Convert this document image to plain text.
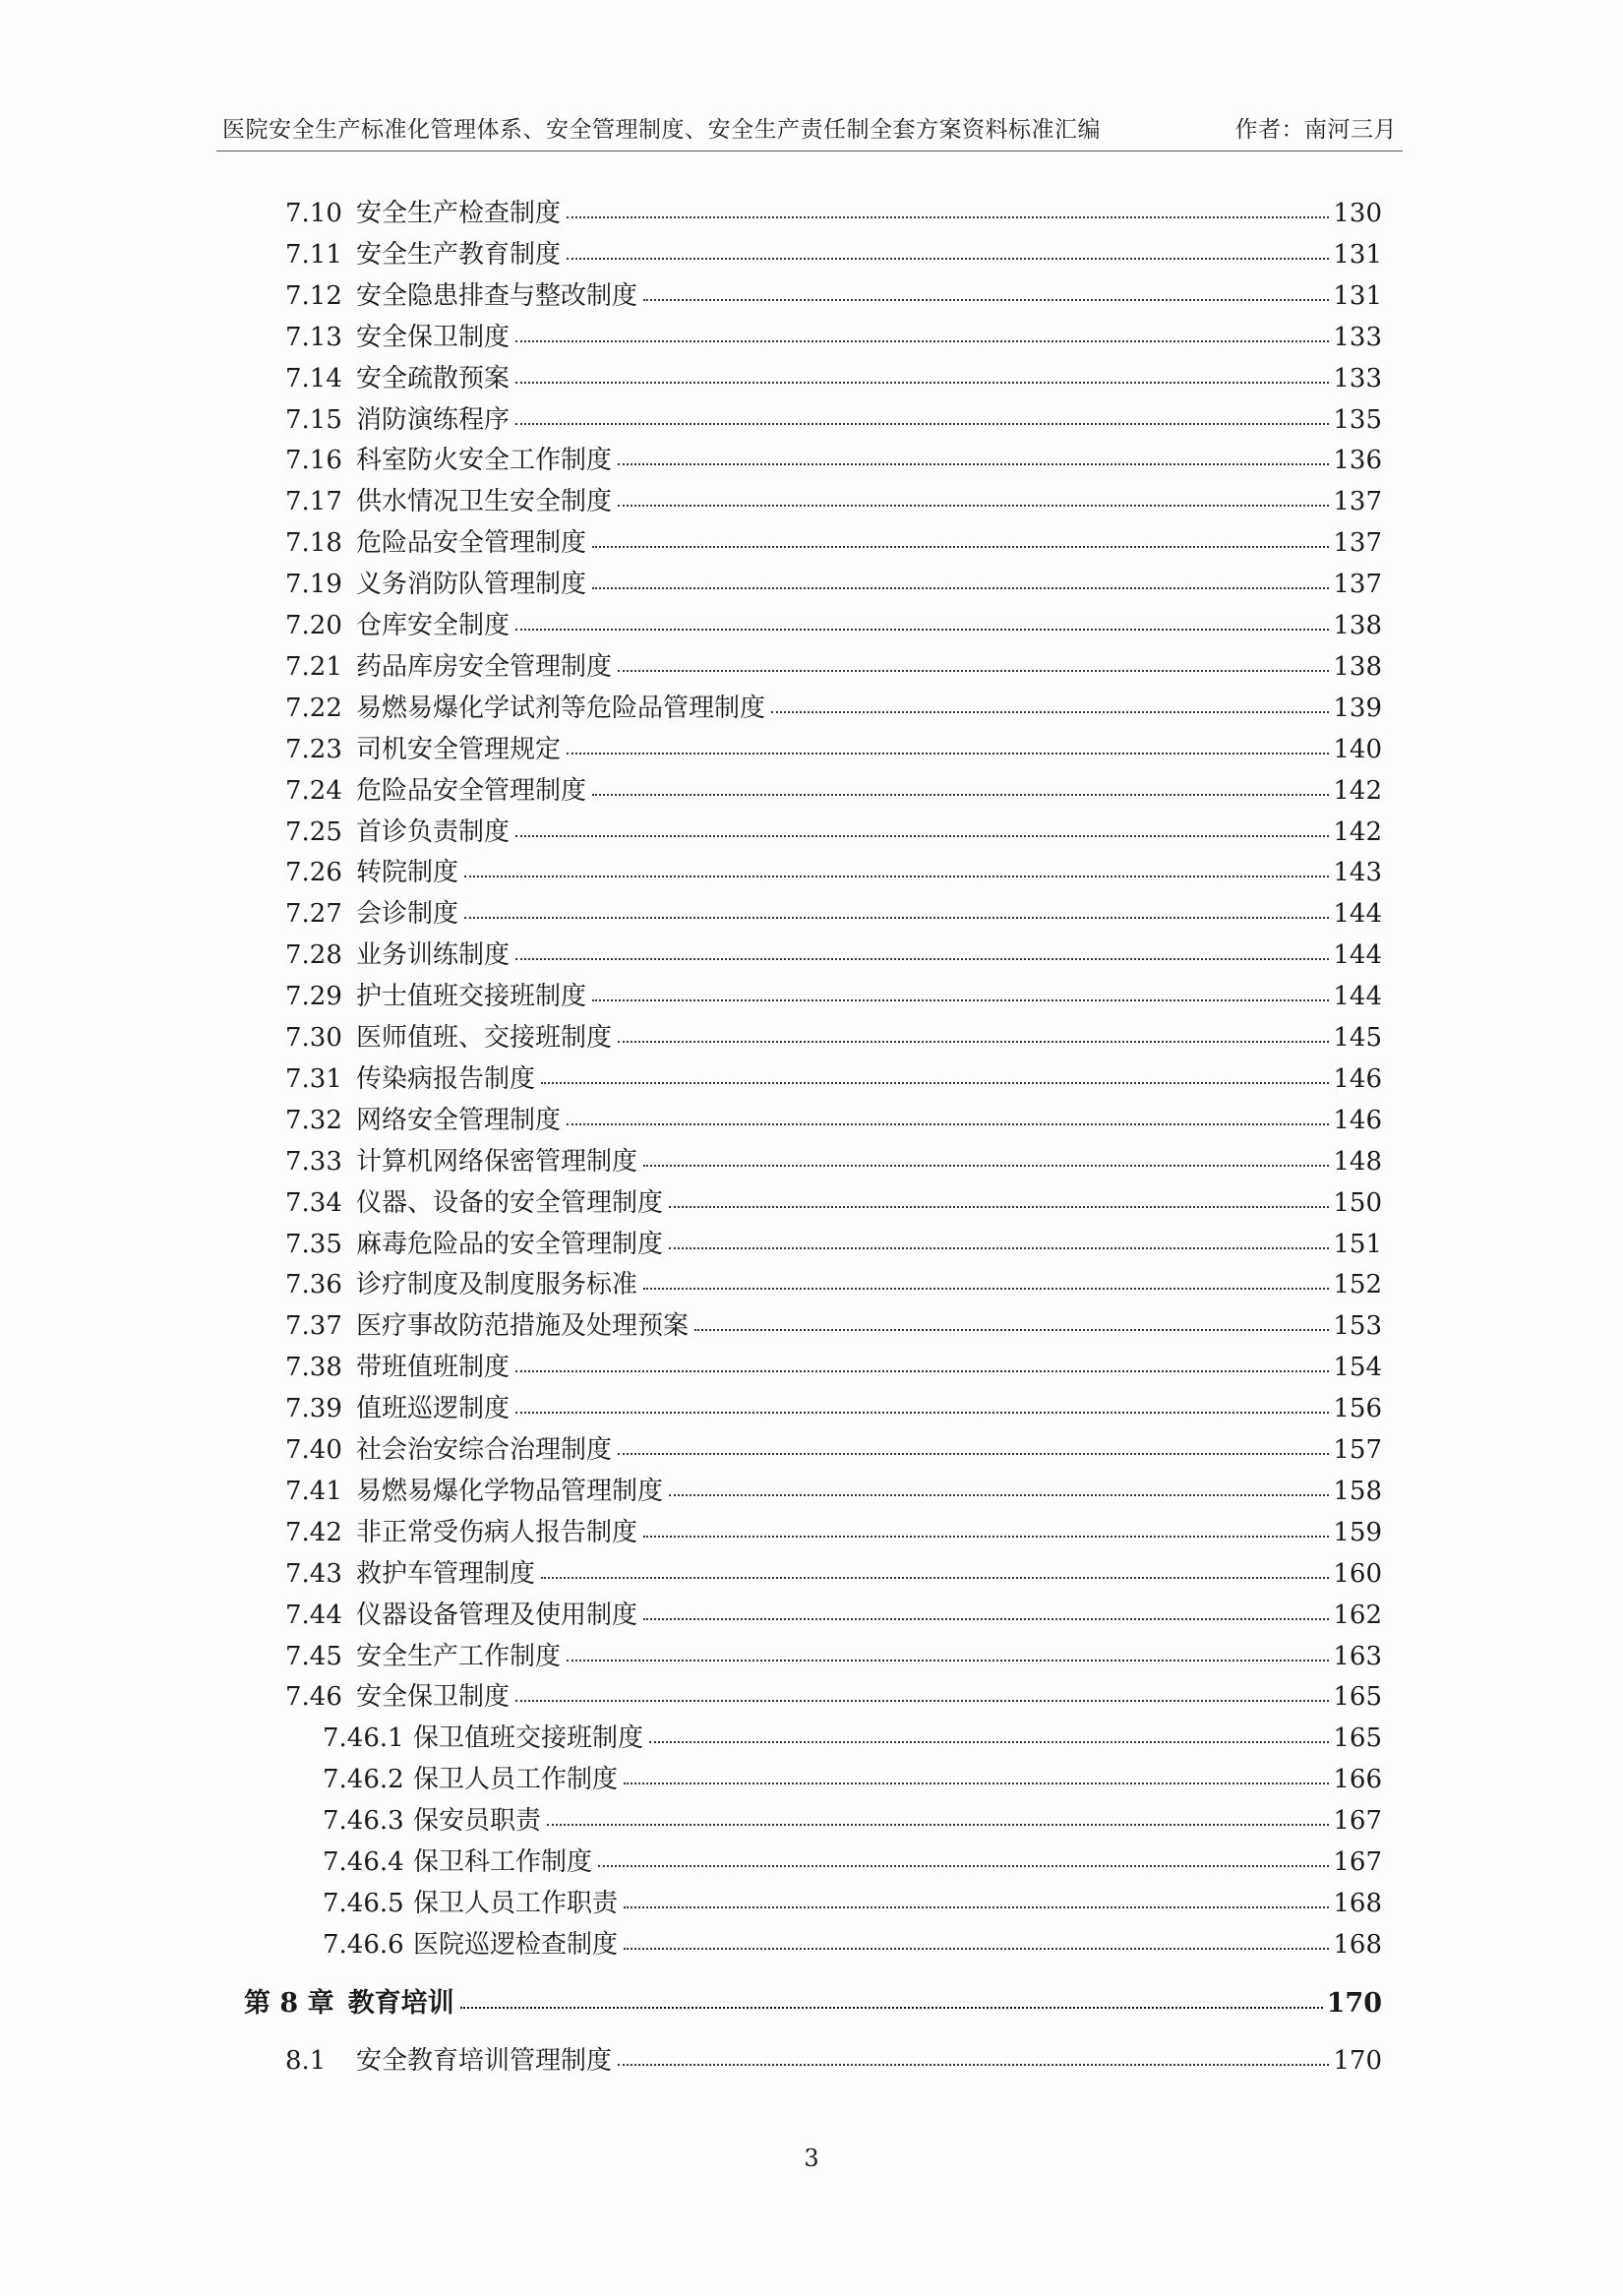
医院安全生产标准化管理体系、安全管理制度、安全生产责任制全套方案资料标准汇编	作者：南河三月
7.10 安全生产检查制度	130
7.11 安全生产教育制度	131
7.12 安全隐患排查与整改制度	131
7.13 安全保卫制度	133
7.14 安全疏散预案	133
7.15 消防演练程序	135
7.16 科室防火安全工作制度	136
7.17 供水情况卫生安全制度	137
7.18 危险品安全管理制度	137
7.19 义务消防队管理制度	137
7.20 仓库安全制度	138
7.21 药品库房安全管理制度	138
7.22 易燃易爆化学试剂等危险品管理制度	139
7.23 司机安全管理规定	140
7.24 危险品安全管理制度	142
7.25 首诊负责制度	142
7.26 转院制度	143
7.27 会诊制度	144
7.28 业务训练制度	144
7.29 护士值班交接班制度	144
7.30 医师值班、交接班制度	145
7.31 传染病报告制度	146
7.32 网络安全管理制度	146
7.33 计算机网络保密管理制度	148
7.34 仪器、设备的安全管理制度	150
7.35 麻毒危险品的安全管理制度	151
7.36 诊疗制度及制度服务标准	152
7.37 医疗事故防范措施及处理预案	153
7.38 带班值班制度	154
7.39 值班巡逻制度	156
7.40 社会治安综合治理制度	157
7.41 易燃易爆化学物品管理制度	158
7.42 非正常受伤病人报告制度	159
7.43 救护车管理制度	160
7.44 仪器设备管理及使用制度	162
7.45 安全生产工作制度	163
7.46 安全保卫制度	165
7.46.1 保卫值班交接班制度	165
7.46.2 保卫人员工作制度	166
7.46.3 保安员职责	167
7.46.4 保卫科工作制度	167
7.46.5 保卫人员工作职责	168
7.46.6 医院巡逻检查制度	168
第 8 章 教育培训	170
8.1	安全教育培训管理制度	170
3
